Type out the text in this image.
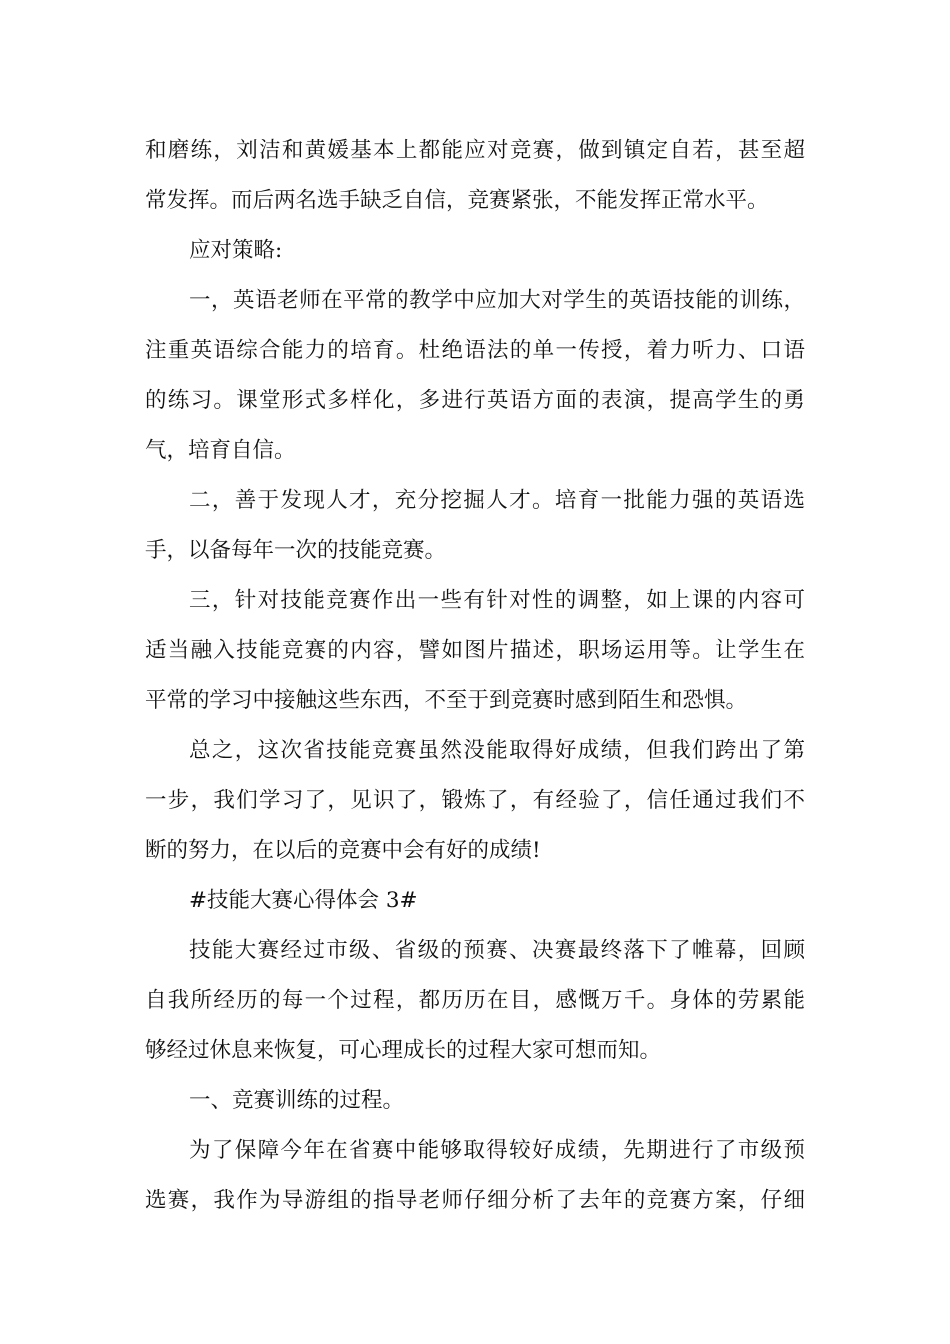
和磨练，刘洁和黄媛基本上都能应对竞赛，做到镇定自若，甚至超
常发挥。而后两名选手缺乏自信，竞赛紧张，不能发挥正常水平。
应对策略:
一，英语老师在平常的教学中应加大对学生的英语技能的训练，
注重英语综合能力的培育。杜绝语法的单一传授，着力听力、口语
的练习。课堂形式多样化，多进行英语方面的表演，提高学生的勇
气，培育自信。
二，善于发现人才，充分挖掘人才。培育一批能力强的英语选
手，以备每年一次的技能竞赛。
三，针对技能竞赛作出一些有针对性的调整，如上课的内容可
适当融入技能竞赛的内容，譬如图片描述，职场运用等。让学生在
平常的学习中接触这些东西，不至于到竞赛时感到陌生和恐惧。
总之，这次省技能竞赛虽然没能取得好成绩，但我们跨出了第
一步，我们学习了，见识了，锻炼了，有经验了，信任通过我们不
断的努力，在以后的竞赛中会有好的成绩!
#技能大赛心得体会 3#
技能大赛经过市级、省级的预赛、决赛最终落下了帷幕，回顾
自我所经历的每一个过程，都历历在目，感慨万千。身体的劳累能
够经过休息来恢复，可心理成长的过程大家可想而知。
一、竞赛训练的过程。
为了保障今年在省赛中能够取得较好成绩，先期进行了市级预
选赛，我作为导游组的指导老师仔细分析了去年的竞赛方案，仔细
